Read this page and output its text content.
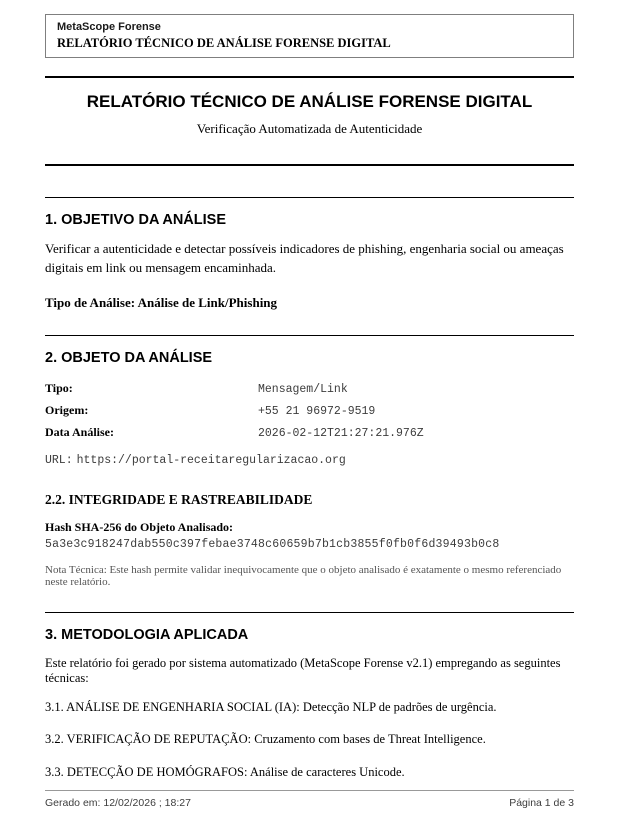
MetaScope Forense
RELATÓRIO TÉCNICO DE ANÁLISE FORENSE DIGITAL
RELATÓRIO TÉCNICO DE ANÁLISE FORENSE DIGITAL
Verificação Automatizada de Autenticidade
1. OBJETIVO DA ANÁLISE

Verificar a autenticidade e detectar possíveis indicadores de phishing, engenharia social ou ameaças digitais em link ou mensagem encaminhada.

Tipo de Análise: Análise de Link/Phishing

2. OBJETO DA ANÁLISE
Tipo:	Mensagem/Link
Origem:	+55 21 96972-9519
Data Análise:	2026-02-12T21:27:21.976Z
URL: https://portal-receitaregularizacao.org
2.2. INTEGRIDADE E RASTREABILIDADE
Hash SHA-256 do Objeto Analisado:
5a3e3c918247dab550c397febae3748c60659b7b1cb3855f0fb0f6d39493b0c8
Nota Técnica: Este hash permite validar inequivocamente que o objeto analisado é exatamente o mesmo referenciado neste relatório.
3. METODOLOGIA APLICADA

Este relatório foi gerado por sistema automatizado (MetaScope Forense v2.1) empregando as seguintes técnicas:

3.1. ANÁLISE DE ENGENHARIA SOCIAL (IA): Detecção NLP de padrões de urgência.

3.2. VERIFICAÇÃO DE REPUTAÇÃO: Cruzamento com bases de Threat Intelligence.

3.3. DETECÇÃO DE HOMÓGRAFOS: Análise de caracteres Unicode.

Gerado em: 12/02/2026 ; 18:27	Página 1 de 3
